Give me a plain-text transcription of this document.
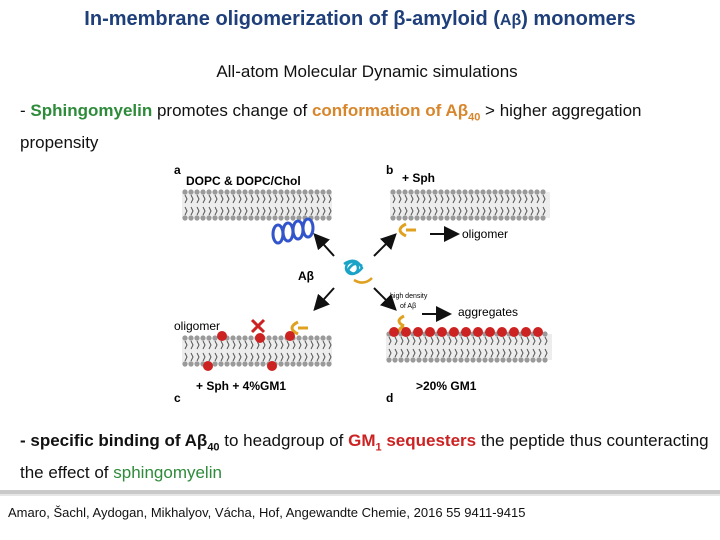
In-membrane oligomerization of β-amyloid (Aβ) monomers
All-atom Molecular Dynamic simulations
- Sphingomyelin promotes change of conformation of $A\beta_{40}$ > higher aggregation propensity
a
DOPC & DOPC/Chol
b
+ Sph
oligomer
Aβ
oligomer
c
+ Sph + 4%GM1
high density
of Aβ	aggregates
d
>20% GM1
- specific binding of $A\beta_{40}$ to headgroup of $GM_1$ sequesters the peptide thus counteracting the effect of sphingomyelin
Amaro, Šachl, Aydogan, Mikhalyov, Vácha, Hof, Angewandte Chemie, 2016 55 9411-9415
